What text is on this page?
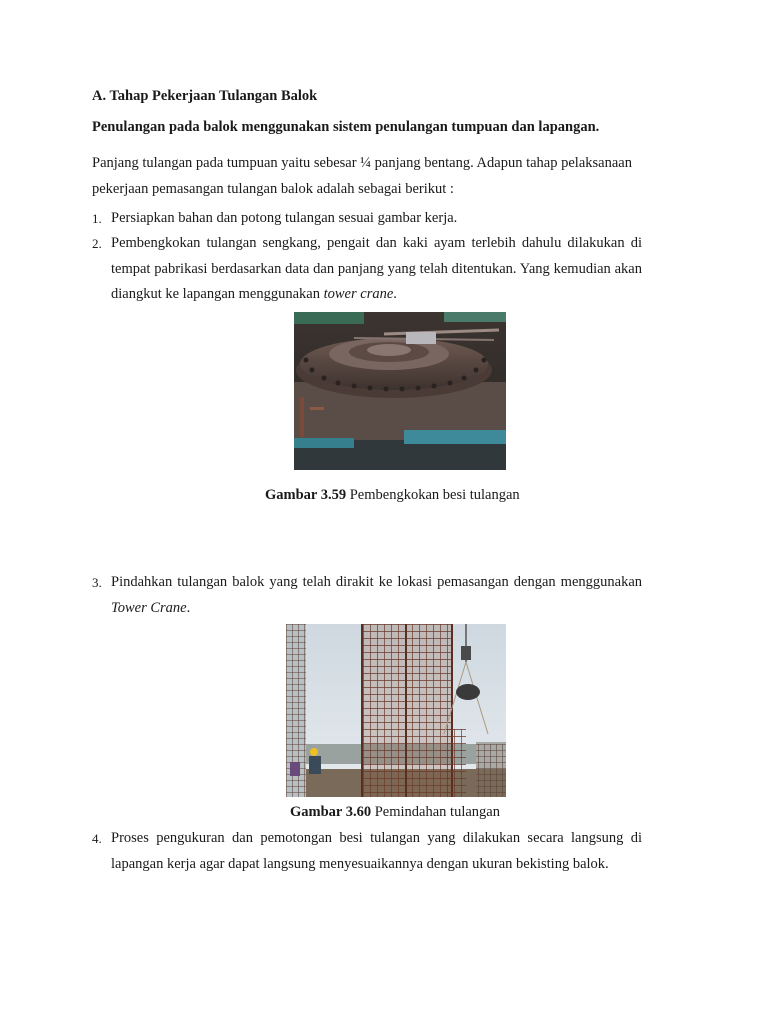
A. Tahap Pekerjaan Tulangan Balok
Penulangan pada balok menggunakan sistem penulangan tumpuan dan lapangan.

Panjang tulangan pada tumpuan yaitu sebesar ¼ panjang bentang. Adapun tahap pelaksanaan pekerjaan pemasangan tulangan balok adalah sebagai berikut :

1. Persiapkan bahan dan potong tulangan sesuai gambar kerja.
2. Pembengkokan tulangan sengkang, pengait dan kaki ayam terlebih dahulu dilakukan di tempat pabrikasi berdasarkan data dan panjang yang telah ditentukan. Yang kemudian akan diangkut ke lapangan menggunakan tower crane.
Gambar 3.59 Pembengkokan besi tulangan
3. Pindahkan tulangan balok yang telah dirakit ke lokasi pemasangan dengan menggunakan Tower Crane.
Gambar 3.60 Pemindahan tulangan
4. Proses pengukuran dan pemotongan besi tulangan yang dilakukan secara langsung di lapangan kerja agar dapat langsung menyesuaikannya dengan ukuran bekisting balok.
